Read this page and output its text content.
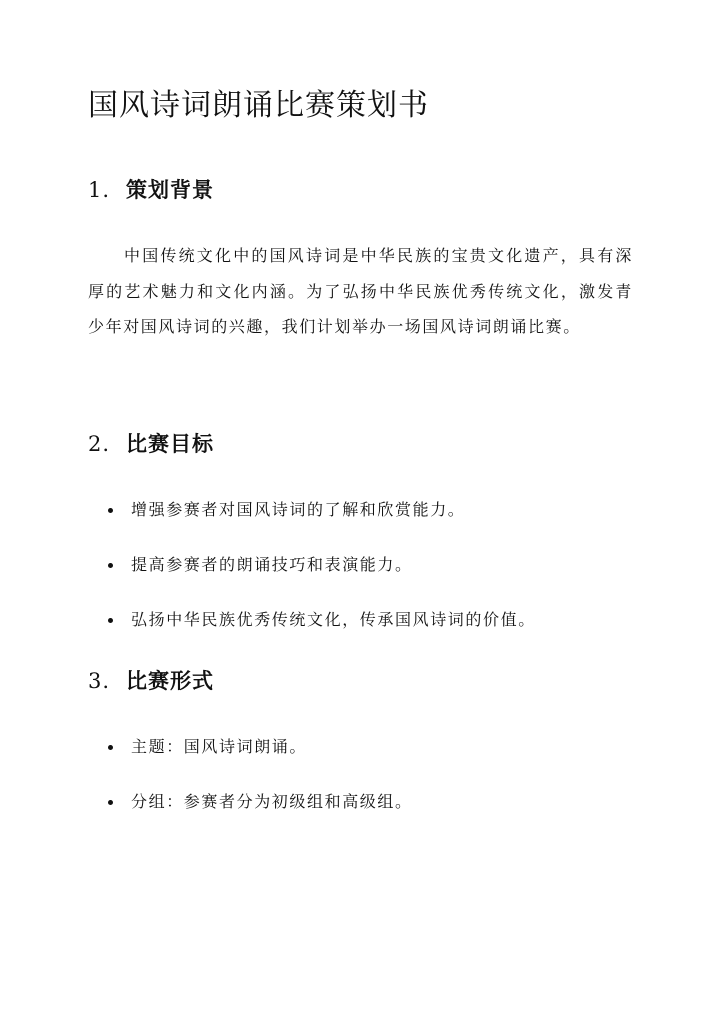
国风诗词朗诵比赛策划书
1. 策划背景

中国传统文化中的国风诗词是中华民族的宝贵文化遗产，具有深厚的艺术魅力和文化内涵。为了弘扬中华民族优秀传统文化，激发青少年对国风诗词的兴趣，我们计划举办一场国风诗词朗诵比赛。

2. 比赛目标
增强参赛者对国风诗词的了解和欣赏能力。
提高参赛者的朗诵技巧和表演能力。
弘扬中华民族优秀传统文化，传承国风诗词的价值。
3. 比赛形式
主题：国风诗词朗诵。
分组：参赛者分为初级组和高级组。
